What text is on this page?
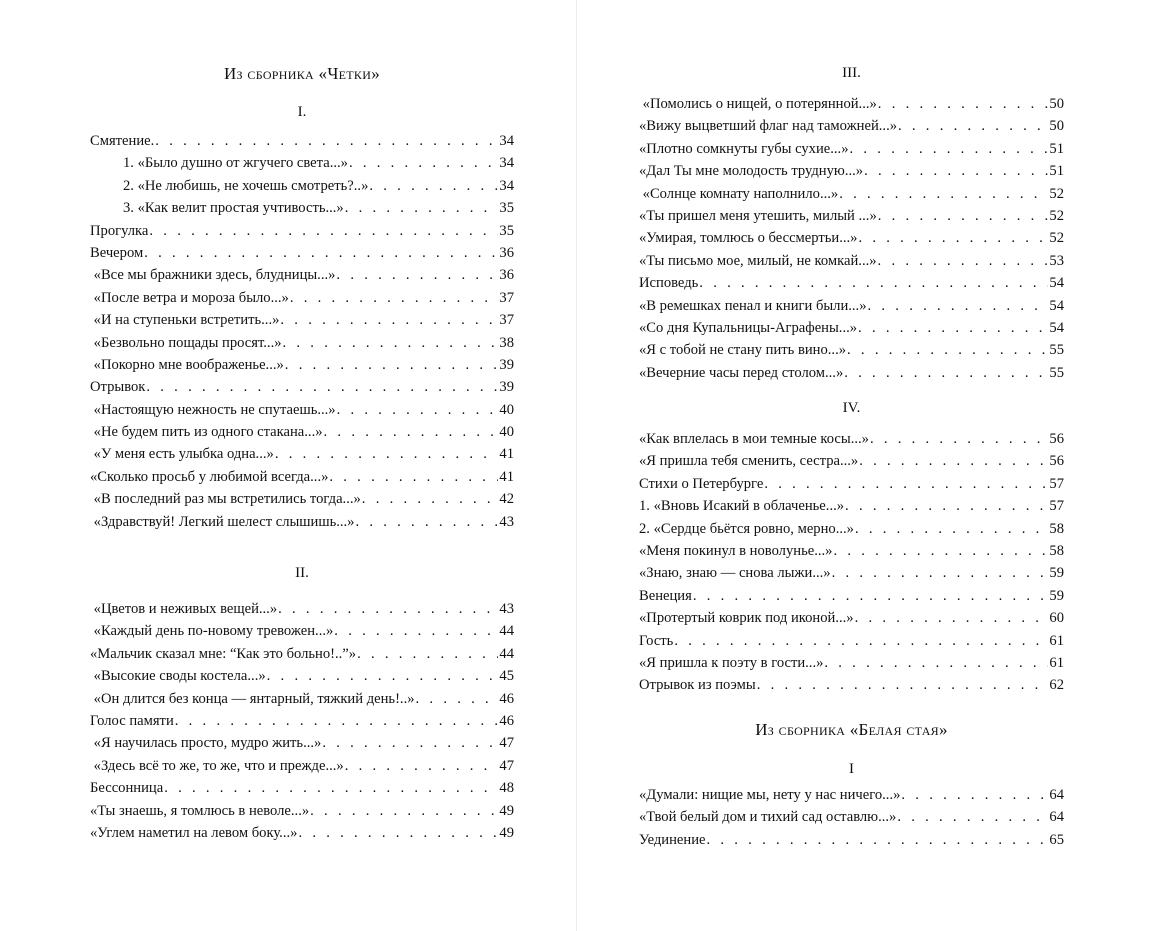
Из сборника «Четки»
I.
Смятение. . . .	34
1. «Было душно от жгучего света...» . . .	34
2. «Не любишь, не хочешь смотреть?..» . . .	34
3. «Как велит простая учтивость...» . . .	35
Прогулка . . .	35
Вечером . . .	36
«Все мы бражники здесь, блудницы...» . . .	36
«После ветра и мороза было...» . . .	37
«И на ступеньки встретить...» . . .	37
«Безвольно пощады просят...» . . .	38
«Покорно мне воображенье...» . . .	39
Отрывок . . .	39
«Настоящую нежность не спутаешь...» . . .	40
«Не будем пить из одного стакана...» . . .	40
«У меня есть улыбка одна...» . . .	41
«Сколько просьб у любимой всегда...» . . .	41
«В последний раз мы встретились тогда...» . . .	42
«Здравствуй! Легкий шелест слышишь...» . . .	43
II.
«Цветов и неживых вещей...» . . .	43
«Каждый день по-новому тревожен...» . . .	44
«Мальчик сказал мне: “Как это больно!..”» . . .	44
«Высокие своды костела...» . . .	45
«Он длится без конца — янтарный, тяжкий день!..» . . .	46
Голос памяти . . .	46
«Я научилась просто, мудро жить...» . . .	47
«Здесь всё то же, то же, что и прежде...» . . .	47
Бессонница . . .	48
«Ты знаешь, я томлюсь в неволе...» . . .	49
«Углем наметил на левом боку...» . . .	49
III.
«Помолись о нищей, о потерянной...» . . .	50
«Вижу выцветший флаг над таможней...» . . .	50
«Плотно сомкнуты губы сухие...» . . .	51
«Дал Ты мне молодость трудную...» . . .	51
«Солнце комнату наполнило...» . . .	52
«Ты пришел меня утешить, милый ...» . . .	52
«Умирая, томлюсь о бессмертьи...» . . .	52
«Ты письмо мое, милый, не комкай...» . . .	53
Исповедь . . .	54
«В ремешках пенал и книги были...» . . .	54
«Со дня Купальницы-Аграфены...» . . .	54
«Я с тобой не стану пить вино...» . . .	55
«Вечерние часы перед столом...» . . .	55
IV.
«Как вплелась в мои темные косы...» . . .	56
«Я пришла тебя сменить, сестра...» . . .	56
Стихи о Петербурге . . .	57
1. «Вновь Исакий в облаченье...» . . .	57
2. «Сердце бьётся ровно, мерно...» . . .	58
«Меня покинул в новолунье...» . . .	58
«Знаю, знаю — снова лыжи...» . . .	59
Венеция . . .	59
«Протертый коврик под иконой...» . . .	60
Гость . . .	61
«Я пришла к поэту в гости...» . . .	61
Отрывок из поэмы . . .	62
Из сборника «Белая стая»
I
«Думали: нищие мы, нету у нас ничего...» . . .	64
«Твой белый дом и тихий сад оставлю...» . . .	64
Уединение . . .	65
